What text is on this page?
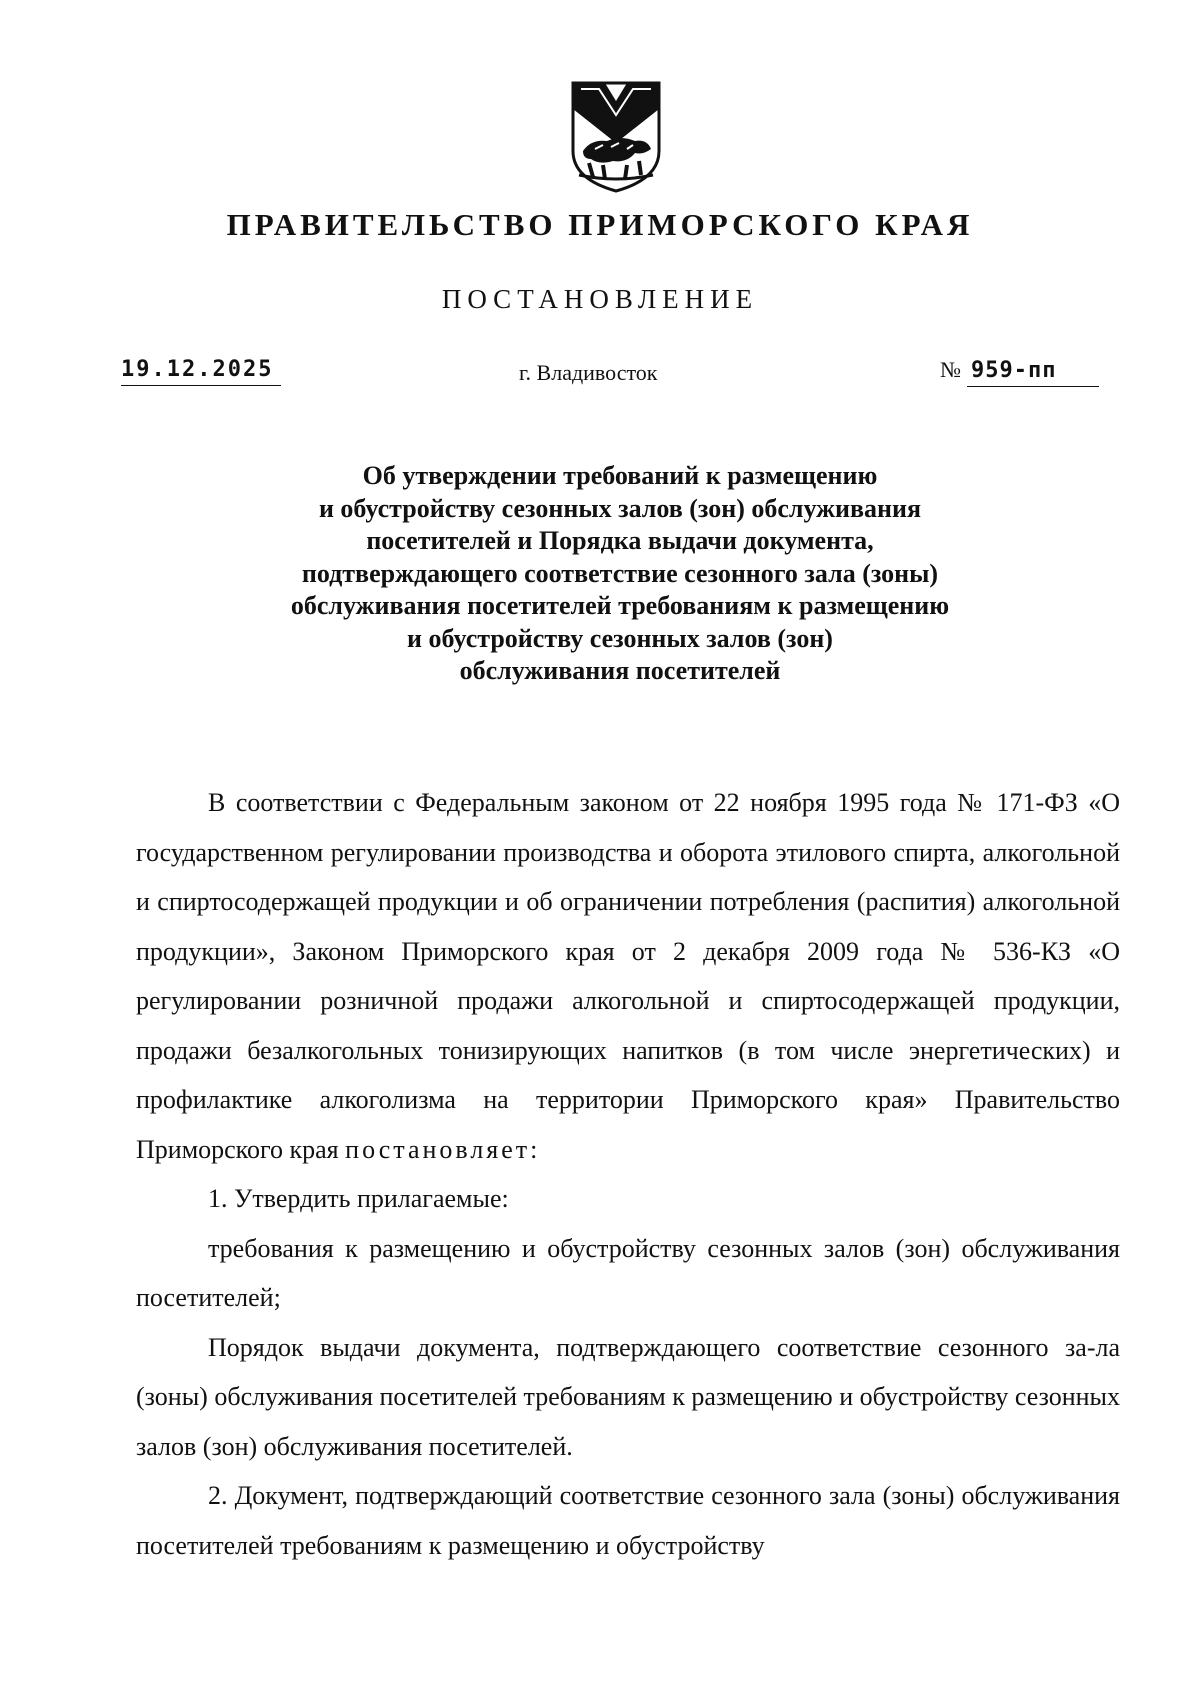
ПРАВИТЕЛЬСТВО ПРИМОРСКОГО КРАЯ
ПОСТАНОВЛЕНИЕ
19.12.2025	г. Владивосток	№ 959-пп
Об утверждении требований к размещению
и обустройству сезонных залов (зон) обслуживания
посетителей и Порядка выдачи документа,
подтверждающего соответствие сезонного зала (зоны)
обслуживания посетителей требованиям к размещению
и обустройству сезонных залов (зон)
обслуживания посетителей

В соответствии с Федеральным законом от 22 ноября 1995 года № 171-ФЗ «О государственном регулировании производства и оборота этилового спирта, алкогольной и спиртосодержащей продукции и об ограничении потребления (распития) алкогольной продукции», Законом Приморского края от 2 декабря 2009 года № 536-КЗ «О регулировании розничной продажи алкогольной и спиртосодержащей продукции, продажи безалкогольных тонизирующих напитков (в том числе энергетических) и профилактике алкоголизма на территории Приморского края» Правительство Приморского края постановляет:

1. Утвердить прилагаемые:

требования к размещению и обустройству сезонных залов (зон) обслуживания посетителей;

Порядок выдачи документа, подтверждающего соответствие сезонного за-ла (зоны) обслуживания посетителей требованиям к размещению и обустройству сезонных залов (зон) обслуживания посетителей.

2. Документ, подтверждающий соответствие сезонного зала (зоны) обслуживания посетителей требованиям к размещению и обустройству
